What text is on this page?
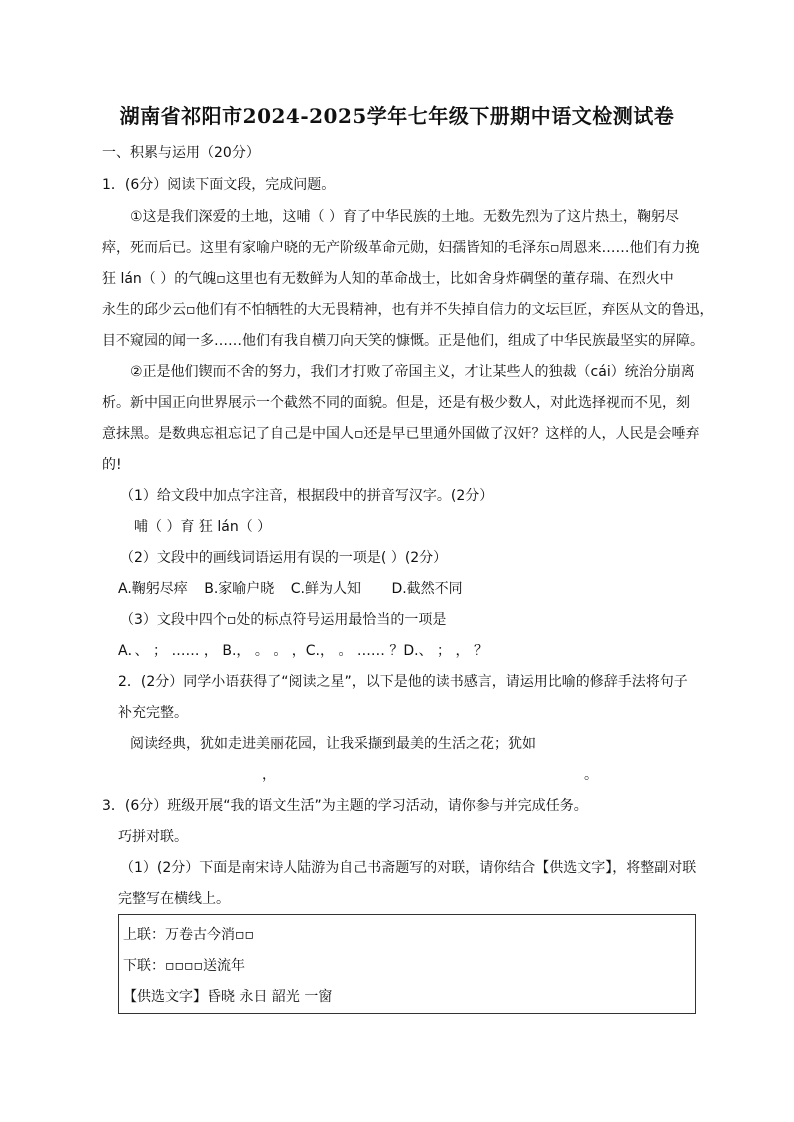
湖南省祁阳市2024-2025学年七年级下册期中语文检测试卷
一、积累与运用（20分）
1．(6分）阅读下面文段，完成问题。
①这是我们深爱的土地，这哺（ ）育了中华民族的土地。无数先烈为了这片热土，鞠躬尽
瘁，死而后已。这里有家喻户晓的无产阶级革命元勋，妇孺皆知的毛泽东▫周恩来……他们有力挽
狂 lán（ ）的气魄▫这里也有无数鲜为人知的革命战士，比如舍身炸碉堡的董存瑞、在烈火中
永生的邱少云▫他们有不怕牺牲的大无畏精神，也有并不失掉自信力的文坛巨匠，弃医从文的鲁迅，
目不窥园的闻一多……他们有我自横刀向天笑的慷慨。正是他们，组成了中华民族最坚实的屏障。
②正是他们锲而不舍的努力，我们才打败了帝国主义，才让某些人的独裁（cái）统治分崩离
析。新中国正向世界展示一个截然不同的面貌。但是，还是有极少数人，对此选择视而不见，刻
意抹黑。是数典忘祖忘记了自己是中国人▫还是早已里通外国做了汉奸？这样的人，人民是会唾弃
的!
（1）给文段中加点字注音，根据段中的拼音写汉字。(2分）
哺（ ）育 狂 lán（ ）
（2）文段中的画线词语运用有误的一项是( ）(2分）
A.鞠躬尽瘁 B.家喻户晓 C.鲜为人知 D.截然不同
（3）文段中四个▫处的标点符号运用最恰当的一项是
A．、 ； …… ， B.， 。 。 ，C.， 。 …… ？D.、 ； ， ？
2．(2分）同学小语获得了“阅读之星”，以下是他的读书感言，请运用比喻的修辞手法将句子
补充完整。
阅读经典，犹如走进美丽花园，让我采撷到最美的生活之花；犹如
，	。
3．(6分）班级开展“我的语文生活”为主题的学习活动，请你参与并完成任务。
巧拼对联。
（1）(2分）下面是南宋诗人陆游为自己书斋题写的对联，请你结合【供选文字】，将整副对联
完整写在横线上。
上联：万卷古今消▫▫
下联：▫▫▫▫送流年
【供选文字】昏晓 永日 韶光 一窗
